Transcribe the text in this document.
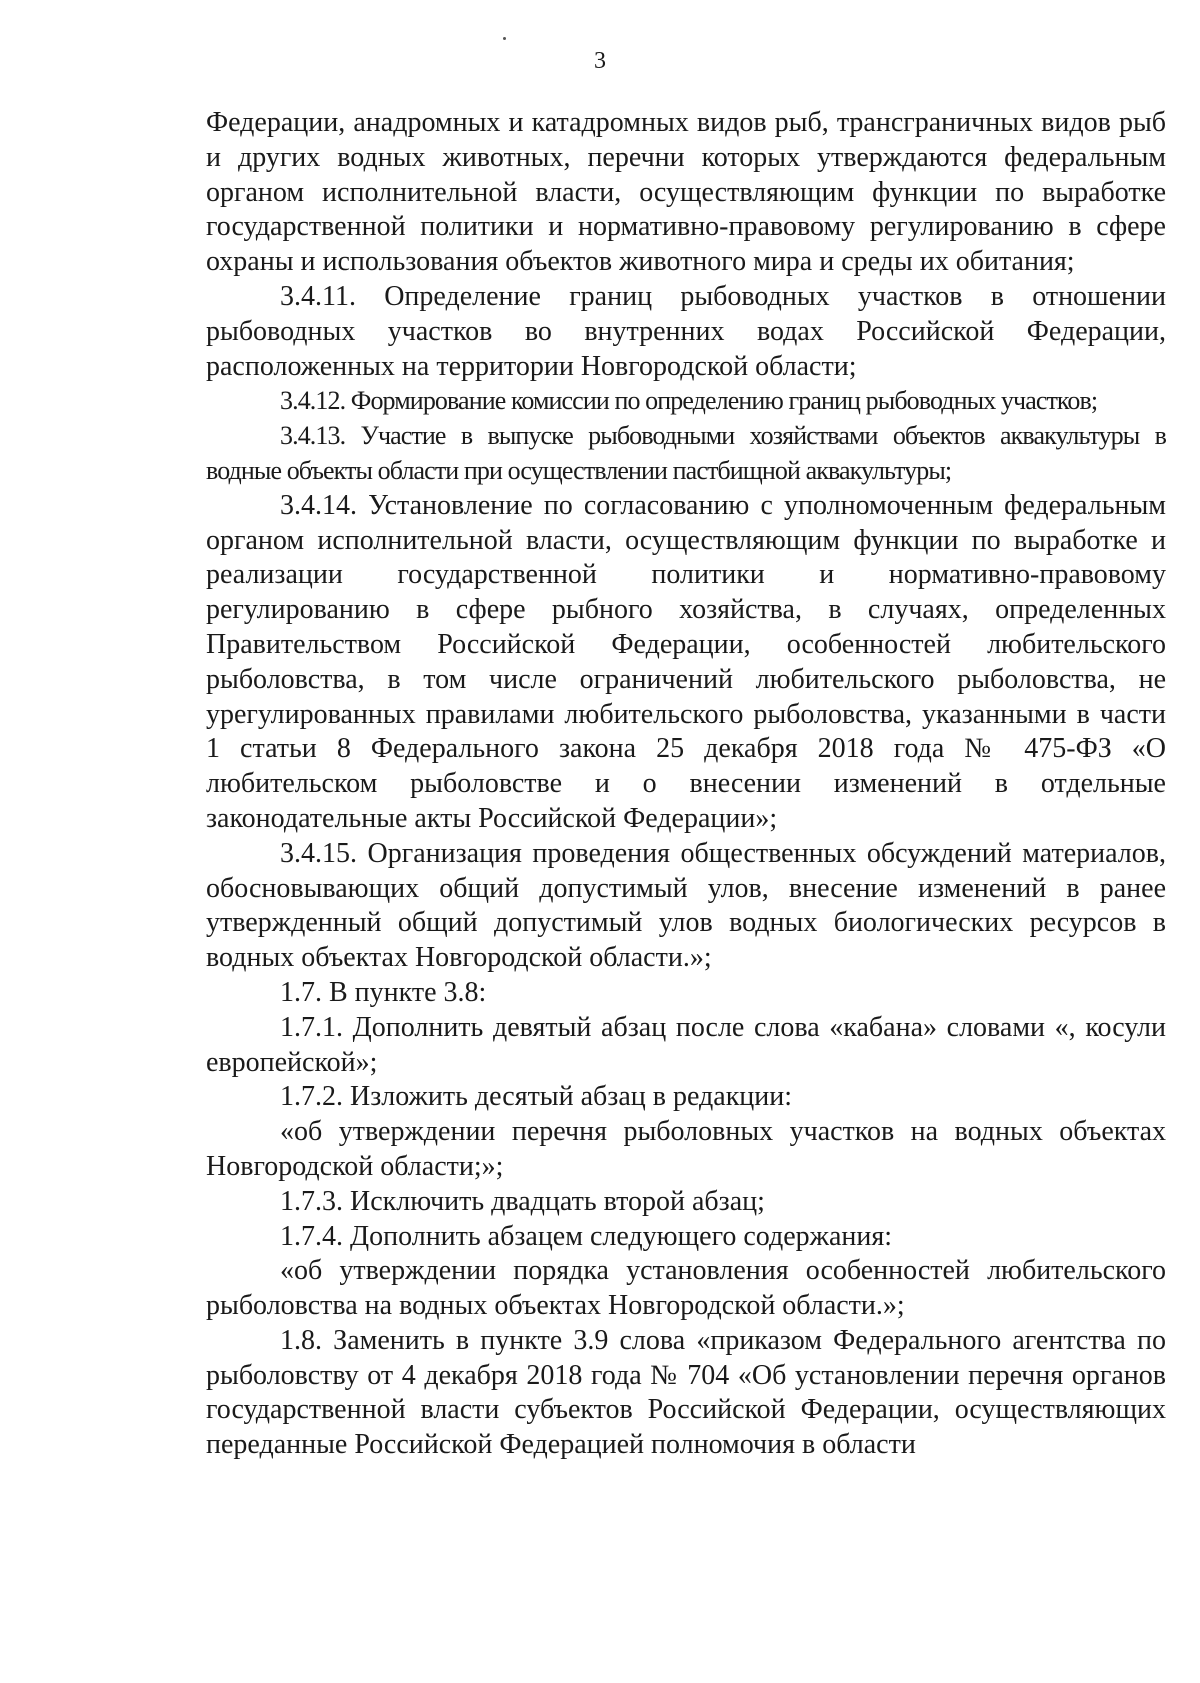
3

Федерации, анадромных и катадромных видов рыб, трансграничных видов рыб и других водных животных, перечни которых утверждаются федеральным органом исполнительной власти, осуществляющим функции по выработке государственной политики и нормативно-правовому регулированию в сфере охраны и использования объектов животного мира и среды их обитания;

3.4.11. Определение границ рыбоводных участков в отношении рыбоводных участков во внутренних водах Российской Федерации, расположенных на территории Новгородской области;

3.4.12. Формирование комиссии по определению границ рыбоводных участков;

3.4.13. Участие в выпуске рыбоводными хозяйствами объектов аквакультуры в водные объекты области при осуществлении пастбищной аквакультуры;

3.4.14. Установление по согласованию с уполномоченным федеральным органом исполнительной власти, осуществляющим функции по выработке и реализации государственной политики и нормативно-правовому регулированию в сфере рыбного хозяйства, в случаях, определенных Правительством Российской Федерации, особенностей любительского рыболовства, в том числе ограничений любительского рыболовства, не урегулированных правилами любительского рыболовства, указанными в части 1 статьи 8 Федерального закона 25 декабря 2018 года № 475-ФЗ «О любительском рыболовстве и о внесении изменений в отдельные законодательные акты Российской Федерации»;

3.4.15. Организация проведения общественных обсуждений материалов, обосновывающих общий допустимый улов, внесение изменений в ранее утвержденный общий допустимый улов водных биологических ресурсов в водных объектах Новгородской области.»;

1.7. В пункте 3.8:

1.7.1. Дополнить девятый абзац после слова «кабана» словами «, косули европейской»;

1.7.2. Изложить десятый абзац в редакции:

«об утверждении перечня рыболовных участков на водных объектах Новгородской области;»;

1.7.3. Исключить двадцать второй абзац;

1.7.4. Дополнить абзацем следующего содержания:

«об утверждении порядка установления особенностей любительского рыболовства на водных объектах Новгородской области.»;

1.8. Заменить в пункте 3.9 слова «приказом Федерального агентства по рыболовству от 4 декабря 2018 года № 704 «Об установлении перечня органов государственной власти субъектов Российской Федерации, осуществляющих переданные Российской Федерацией полномочия в области
